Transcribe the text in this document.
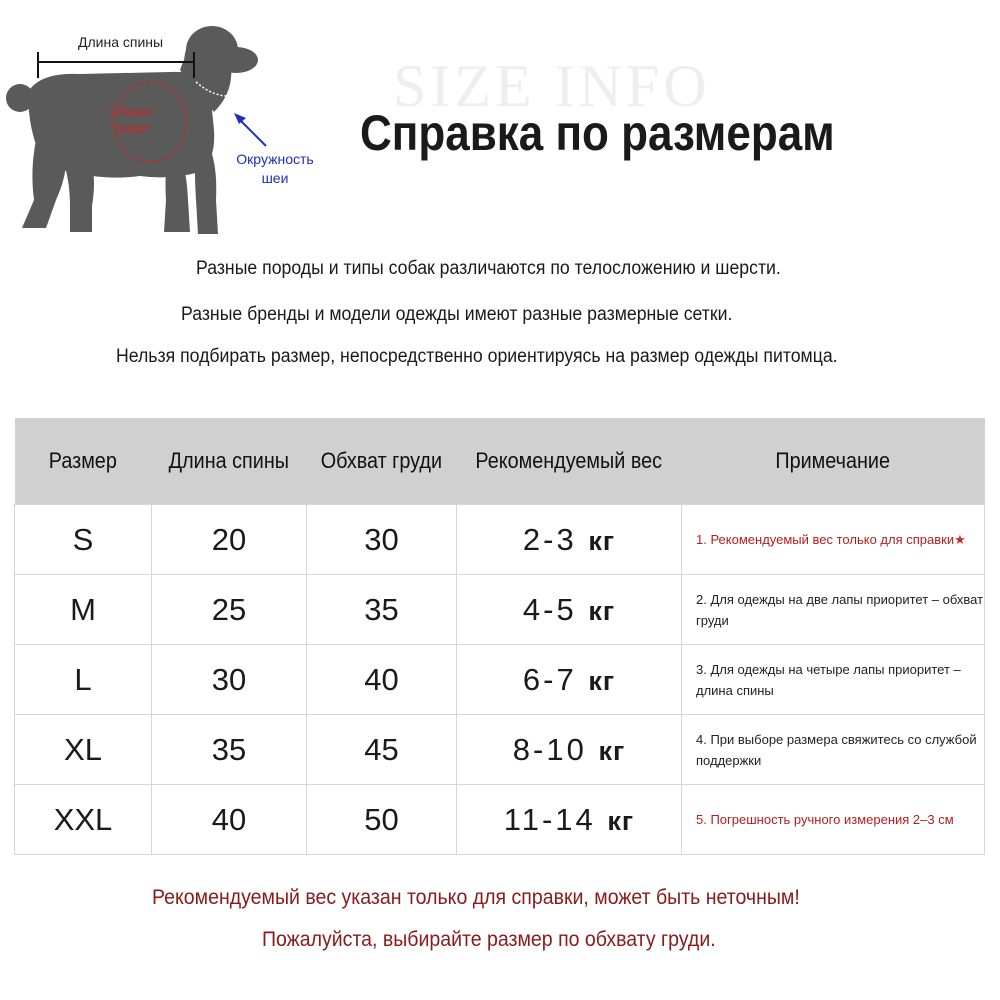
Длина спины
Обхват
груди
Окружность
шеи
SIZE INFO
Справка по размерам
Разные породы и типы собак различаются по телосложению и шерсти.
Разные бренды и модели одежды имеют разные размерные сетки.
Нельзя подбирать размер, непосредственно ориентируясь на размер одежды питомца.
Размер	Длина спины	Обхват груди	Рекомендуемый вес	Примечание
S	20	30	2-3 кг	1. Рекомендуемый вес только для справки★
M	25	35	4-5 кг	2. Для одежды на две лапы приоритет – обхват груди
L	30	40	6-7 кг	3. Для одежды на четыре лапы приоритет – длина спины
XL	35	45	8-10 кг	4. При выборе размера свяжитесь со службой поддержки
XXL	40	50	11-14 кг	5. Погрешность ручного измерения 2–3 см
Рекомендуемый вес указан только для справки, может быть неточным!
Пожалуйста, выбирайте размер по обхвату груди.
